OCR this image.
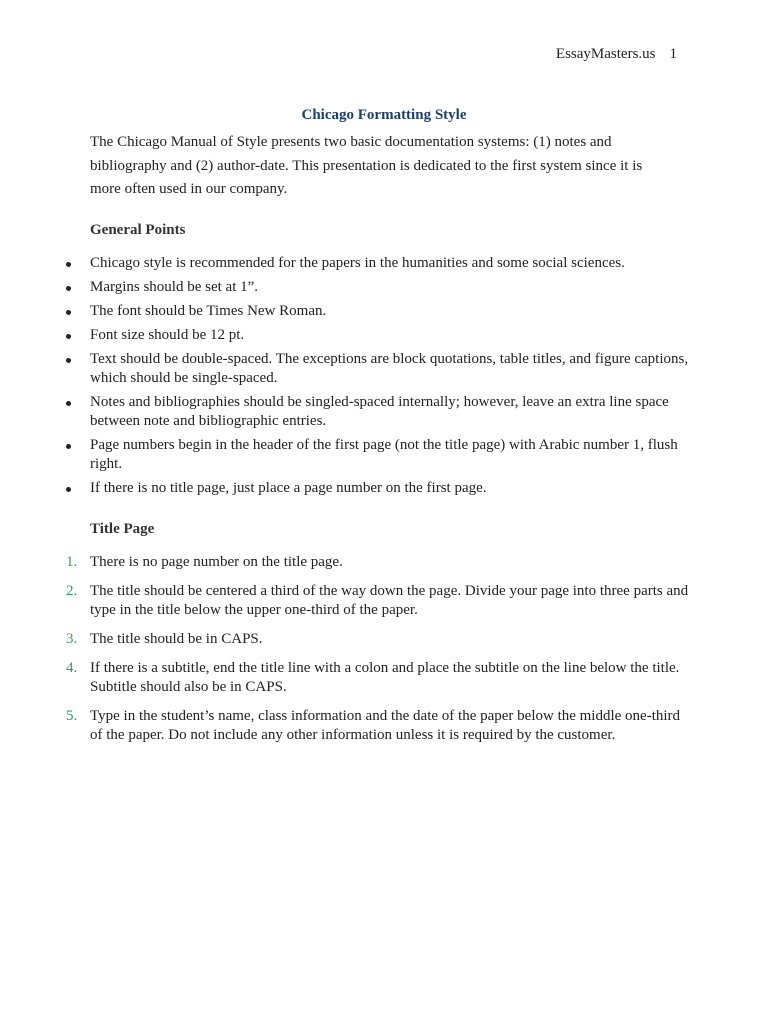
EssayMasters.us 1
Chicago Formatting Style

The Chicago Manual of Style presents two basic documentation systems: (1) notes and bibliography and (2) author-date. This presentation is dedicated to the first system since it is more often used in our company.

General Points
Chicago style is recommended for the papers in the humanities and some social sciences.
Margins should be set at 1”.
The font should be Times New Roman.
Font size should be 12 pt.
Text should be double-spaced. The exceptions are block quotations, table titles, and figure captions, which should be single-spaced.
Notes and bibliographies should be singled-spaced internally; however, leave an extra line space between note and bibliographic entries.
Page numbers begin in the header of the first page (not the title page) with Arabic number 1, flush right.
If there is no title page, just place a page number on the first page.
Title Page
1. There is no page number on the title page.
2. The title should be centered a third of the way down the page. Divide your page into three parts and type in the title below the upper one-third of the paper.
3. The title should be in CAPS.
4. If there is a subtitle, end the title line with a colon and place the subtitle on the line below the title. Subtitle should also be in CAPS.
5. Type in the student’s name, class information and the date of the paper below the middle one-third of the paper. Do not include any other information unless it is required by the customer.
